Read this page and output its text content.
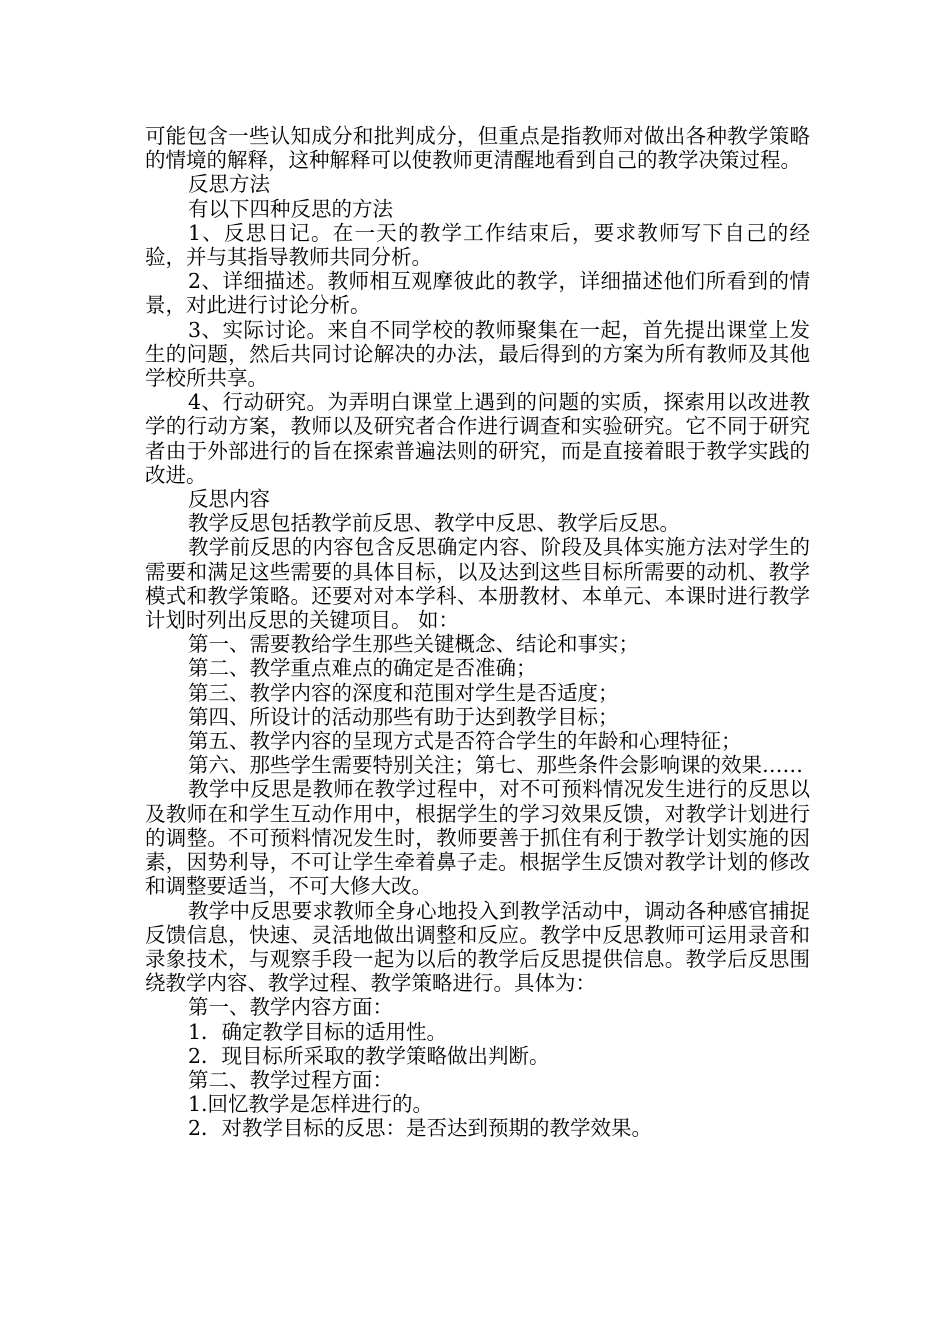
可能包含一些认知成分和批判成分，但重点是指教师对做出各种教学策略的情境的解释，这种解释可以使教师更清醒地看到自己的教学决策过程。

反思方法

有以下四种反思的方法

1、反思日记。在一天的教学工作结束后，要求教师写下自己的经验，并与其指导教师共同分析。

2、详细描述。教师相互观摩彼此的教学，详细描述他们所看到的情景，对此进行讨论分析。

3、实际讨论。来自不同学校的教师聚集在一起，首先提出课堂上发生的问题，然后共同讨论解决的办法，最后得到的方案为所有教师及其他学校所共享。

4、行动研究。为弄明白课堂上遇到的问题的实质，探索用以改进教学的行动方案，教师以及研究者合作进行调查和实验研究。它不同于研究者由于外部进行的旨在探索普遍法则的研究，而是直接着眼于教学实践的改进。

反思内容

教学反思包括教学前反思、教学中反思、教学后反思。

教学前反思的内容包含反思确定内容、阶段及具体实施方法对学生的需要和满足这些需要的具体目标，以及达到这些目标所需要的动机、教学模式和教学策略。还要对对本学科、本册教材、本单元、本课时进行教学计划时列出反思的关键项目。 如：

第一、需要教给学生那些关键概念、结论和事实；

第二、教学重点难点的确定是否准确；

第三、教学内容的深度和范围对学生是否适度；

第四、所设计的活动那些有助于达到教学目标；

第五、教学内容的呈现方式是否符合学生的年龄和心理特征；

第六、那些学生需要特别关注；第七、那些条件会影响课的效果……

教学中反思是教师在教学过程中，对不可预料情况发生进行的反思以及教师在和学生互动作用中，根据学生的学习效果反馈，对教学计划进行的调整。不可预料情况发生时，教师要善于抓住有利于教学计划实施的因素，因势利导，不可让学生牵着鼻子走。根据学生反馈对教学计划的修改和调整要适当，不可大修大改。

教学中反思要求教师全身心地投入到教学活动中，调动各种感官捕捉反馈信息，快速、灵活地做出调整和反应。教学中反思教师可运用录音和录象技术，与观察手段一起为以后的教学后反思提供信息。教学后反思围绕教学内容、教学过程、教学策略进行。具体为：

第一、教学内容方面：

1．确定教学目标的适用性。

2．现目标所采取的教学策略做出判断。

第二、教学过程方面：

1.回忆教学是怎样进行的。

2．对教学目标的反思：是否达到预期的教学效果。
